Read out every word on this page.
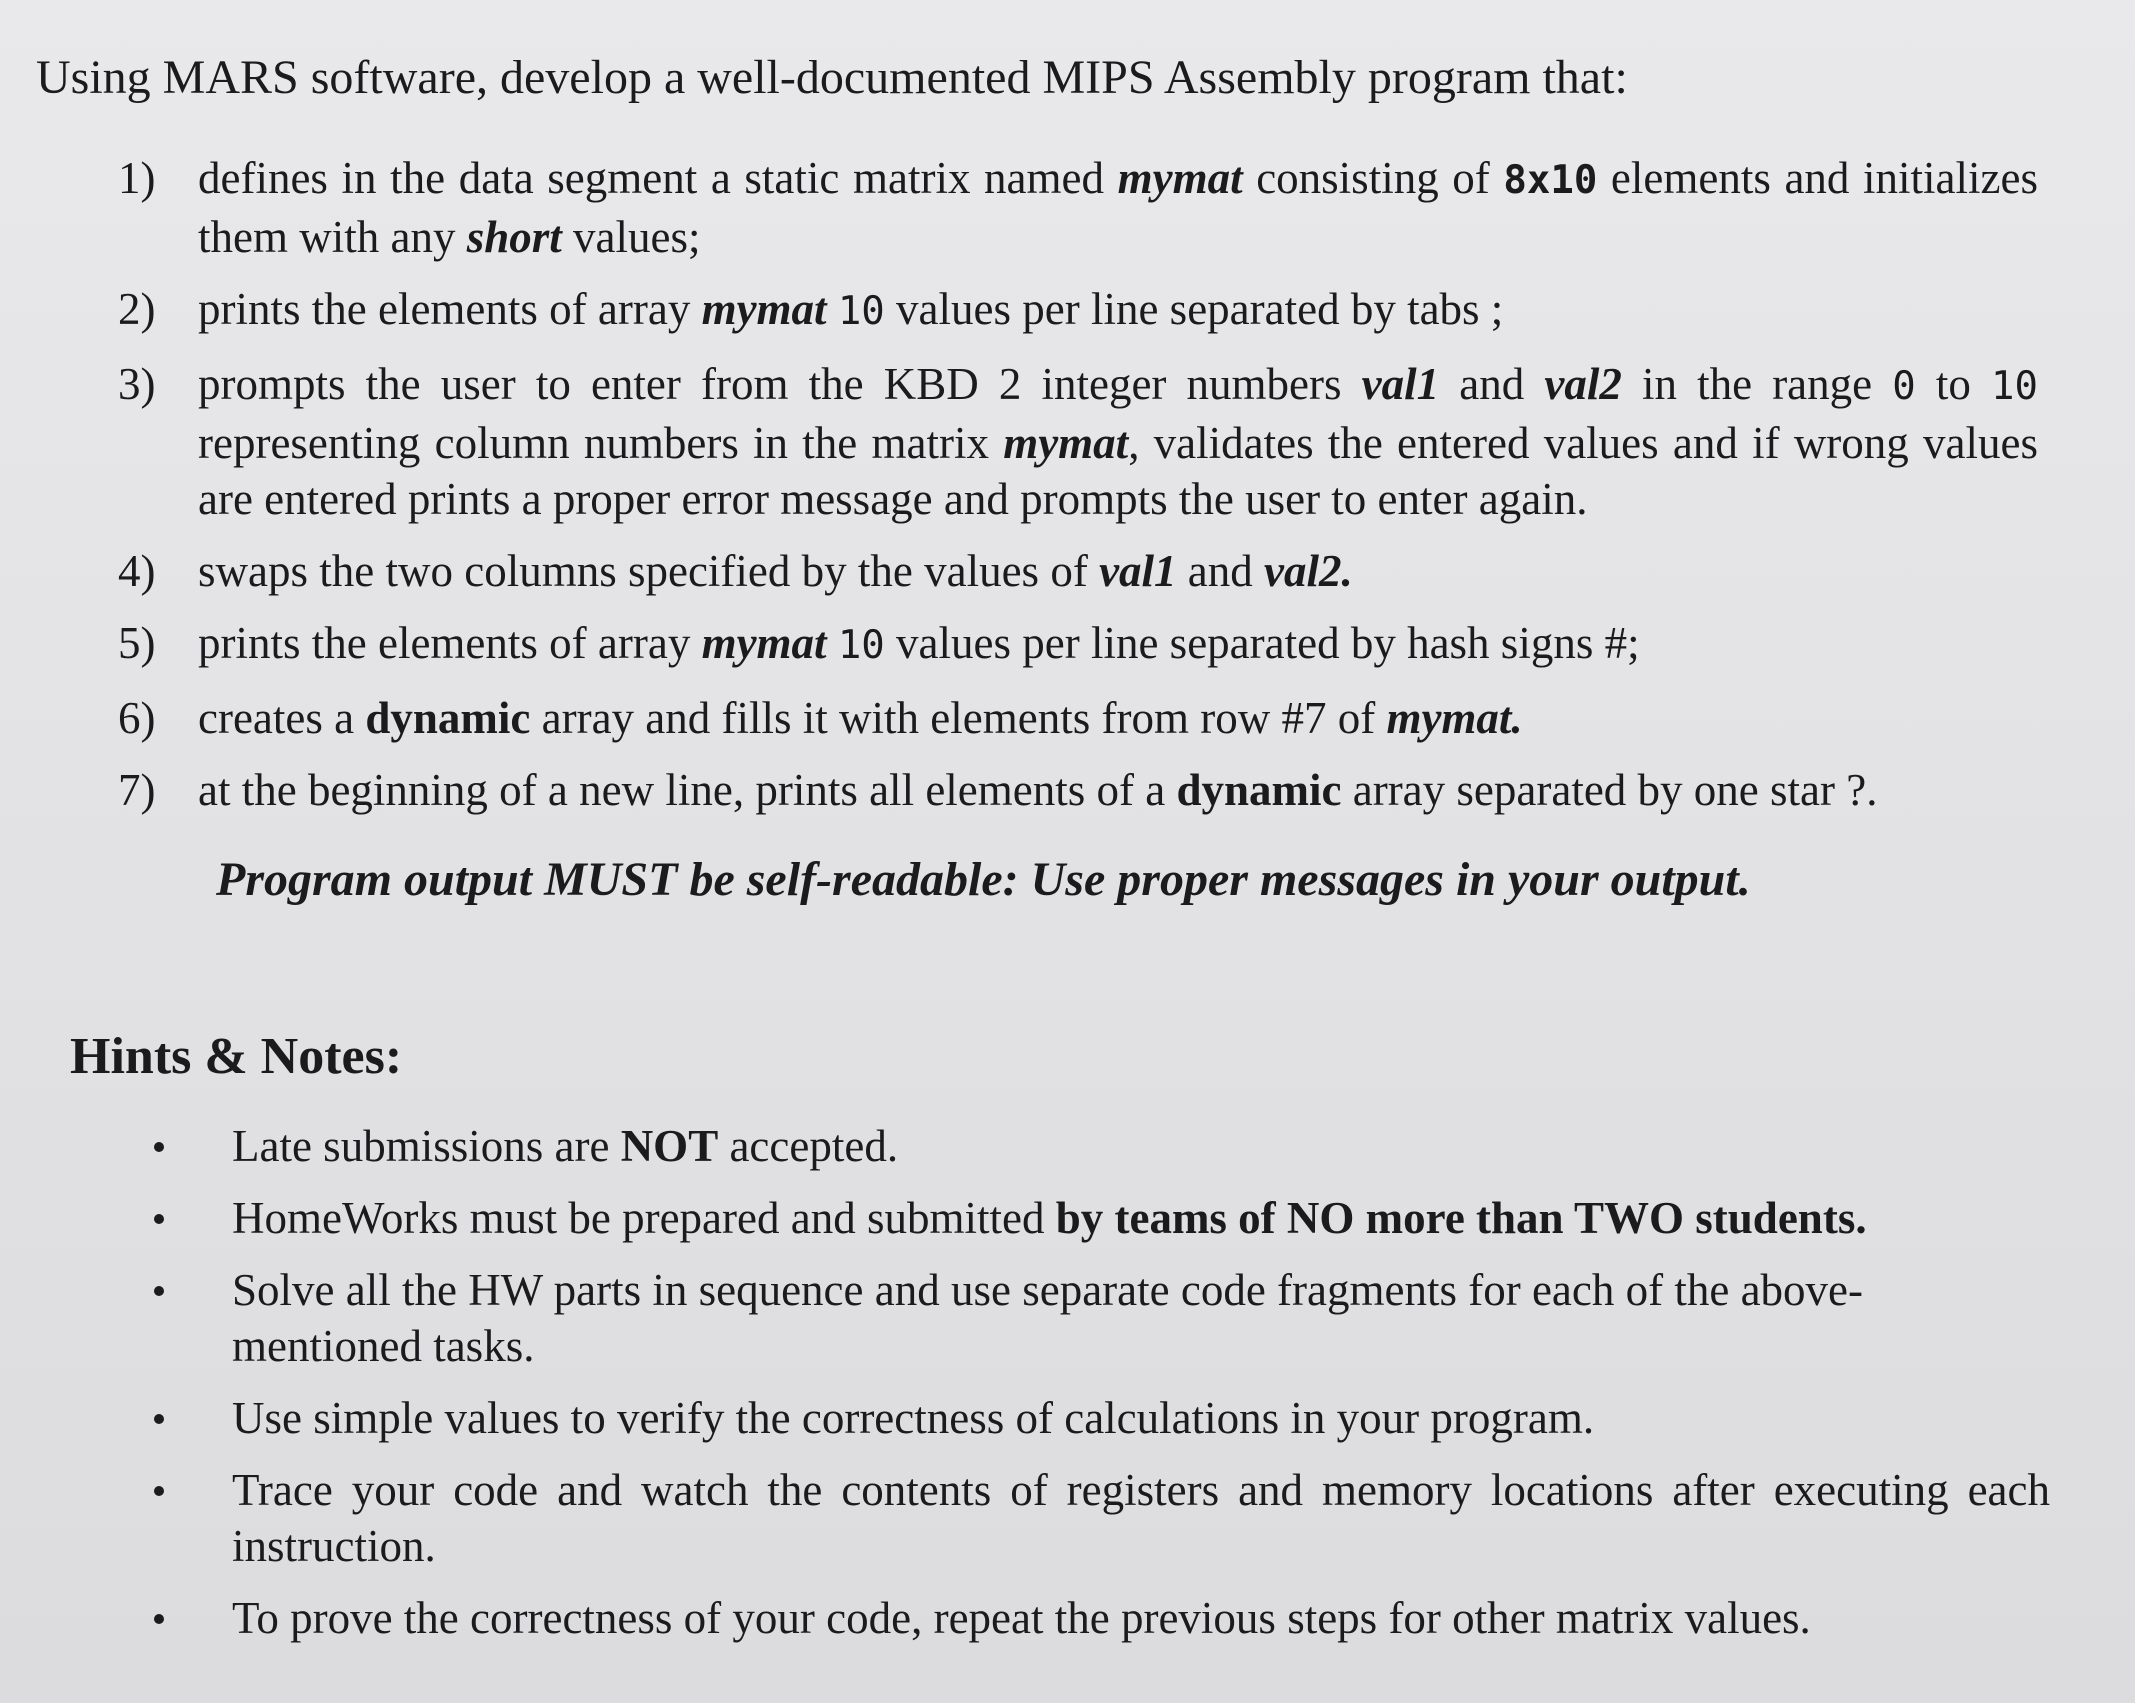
Using MARS software, develop a well-documented MIPS Assembly program that:
1) defines in the data segment a static matrix named mymat consisting of 8x10 elements and initializes them with any short values;
2) prints the elements of array mymat 10 values per line separated by tabs ;
3) prompts the user to enter from the KBD 2 integer numbers val1 and val2 in the range 0 to 10 representing column numbers in the matrix mymat, validates the entered values and if wrong values are entered prints a proper error message and prompts the user to enter again.
4) swaps the two columns specified by the values of val1 and val2.
5) prints the elements of array mymat 10 values per line separated by hash signs #;
6) creates a dynamic array and fills it with elements from row #7 of mymat.
7) at the beginning of a new line, prints all elements of a dynamic array separated by one star ?.
Program output MUST be self-readable: Use proper messages in your output.
Hints & Notes:
Late submissions are NOT accepted.
HomeWorks must be prepared and submitted by teams of NO more than TWO students.
Solve all the HW parts in sequence and use separate code fragments for each of the above-mentioned tasks.
Use simple values to verify the correctness of calculations in your program.
Trace your code and watch the contents of registers and memory locations after executing each instruction.
To prove the correctness of your code, repeat the previous steps for other matrix values.
